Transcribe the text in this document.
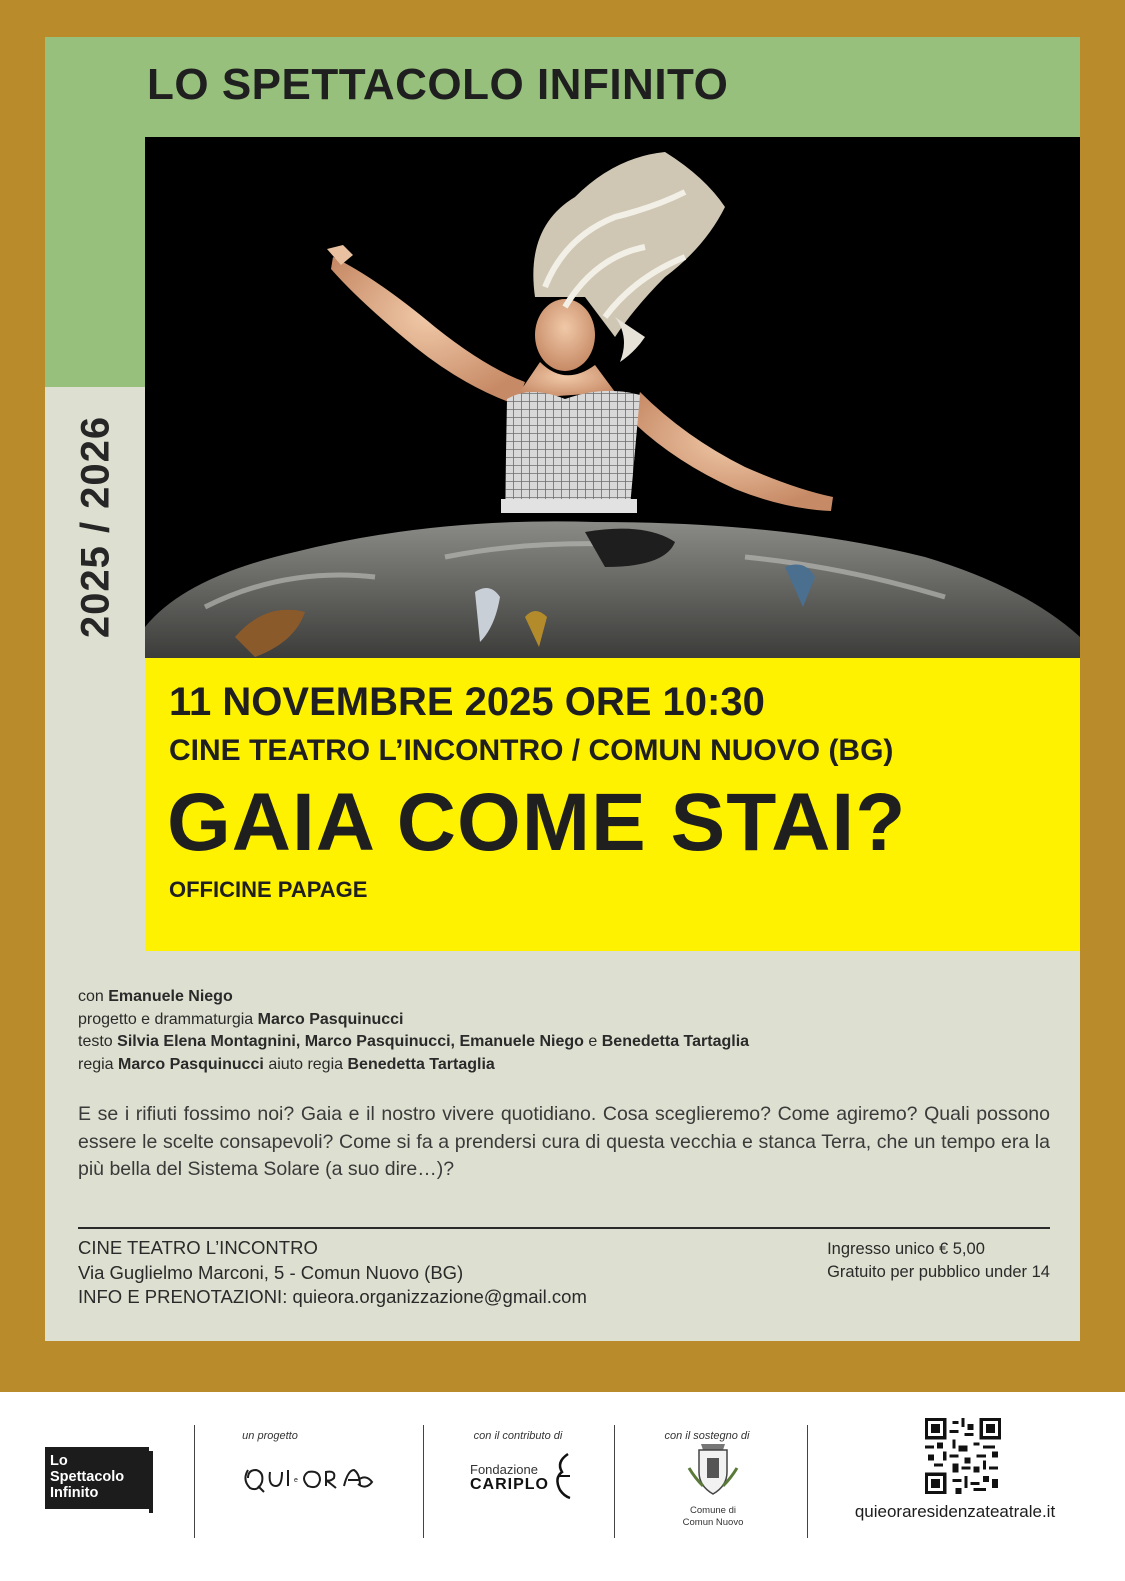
LO SPETTACOLO INFINITO
2025 / 2026
11 NOVEMBRE 2025 ORE 10:30
CINE TEATRO L’INCONTRO / COMUN NUOVO (BG)
GAIA COME STAI?
OFFICINE PAPAGE
con Emanuele Niego
progetto e drammaturgia Marco Pasquinucci
testo Silvia Elena Montagnini, Marco Pasquinucci, Emanuele Niego e Benedetta Tartaglia
regia Marco Pasquinucci aiuto regia Benedetta Tartaglia
E se i rifiuti fossimo noi? Gaia e il nostro vivere quotidiano. Cosa sceglieremo? Come agiremo? Quali possono essere le scelte consapevoli? Come si fa a prendersi cura di questa vecchia e stanca Terra, che un tempo era la più bella del Sistema Solare (a suo dire…)?
CINE TEATRO L’INCONTRO
Via Guglielmo Marconi, 5 - Comun Nuovo (BG)
INFO E PRENOTAZIONI: quieora.organizzazione@gmail.com
Ingresso unico € 5,00
Gratuito per pubblico under 14
Lo
Spettacolo
Infinito
un progetto
e
con il contributo di
Fondazione
CARIPLO
con il sostegno di
Comune di
Comun Nuovo
quieoraresidenzateatrale.it
